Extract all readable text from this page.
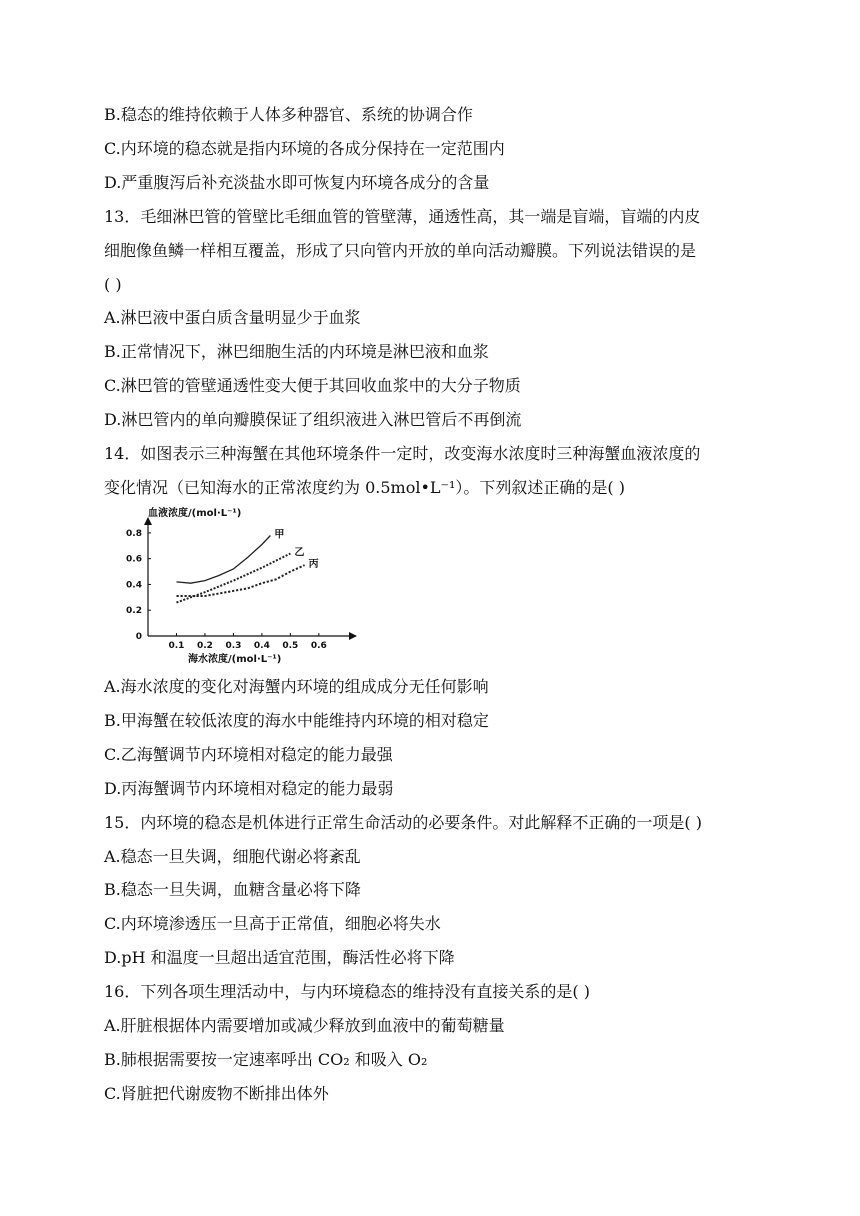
B.稳态的维持依赖于人体多种器官、系统的协调合作
C.内环境的稳态就是指内环境的各成分保持在一定范围内
D.严重腹泻后补充淡盐水即可恢复内环境各成分的含量
13．毛细淋巴管的管壁比毛细血管的管壁薄，通透性高，其一端是盲端，盲端的内皮
细胞像鱼鳞一样相互覆盖，形成了只向管内开放的单向活动瓣膜。下列说法错误的是
( )
A.淋巴液中蛋白质含量明显少于血浆
B.正常情况下，淋巴细胞生活的内环境是淋巴液和血浆
C.淋巴管的管壁通透性变大便于其回收血浆中的大分子物质
D.淋巴管内的单向瓣膜保证了组织液进入淋巴管后不再倒流
14．如图表示三种海蟹在其他环境条件一定时，改变海水浓度时三种海蟹血液浓度的
变化情况（已知海水的正常浓度约为 0.5mol•L⁻¹）。下列叙述正确的是( )
0.1 0.2 0.3 0.4 0.5 0.6
0
0.2
0.4
0.6
0.8	甲
乙
丙
血液浓度/(mol·L⁻¹)
海水浓度/(mol·L⁻¹)
A.海水浓度的变化对海蟹内环境的组成成分无任何影响
B.甲海蟹在较低浓度的海水中能维持内环境的相对稳定
C.乙海蟹调节内环境相对稳定的能力最强
D.丙海蟹调节内环境相对稳定的能力最弱
15．内环境的稳态是机体进行正常生命活动的必要条件。对此解释不正确的一项是( )
A.稳态一旦失调，细胞代谢必将紊乱
B.稳态一旦失调，血糖含量必将下降
C.内环境渗透压一旦高于正常值，细胞必将失水
D.pH 和温度一旦超出适宜范围，酶活性必将下降
16．下列各项生理活动中，与内环境稳态的维持没有直接关系的是( )
A.肝脏根据体内需要增加或减少释放到血液中的葡萄糖量
B.肺根据需要按一定速率呼出 CO₂ 和吸入 O₂
C.肾脏把代谢废物不断排出体外
